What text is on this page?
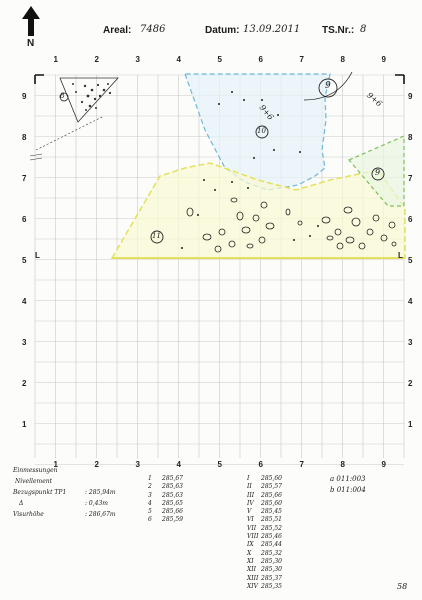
N
Areal: 7486	Datum: 13.09.2011 TS.Nr.: 8
9
10
9
11
8	9+6
9+6
L	L
1	2	3	4	5	6	7	8	9
1	2	3	4	5	6	7	8	9
9
8
7
6
5
4
3
2
1
9
8
7
6
5
4
3
2
1
Einmessungen
Nivellement
Bezugspunkt TP1	: 285,94m
Δ	: 0,43m
Visurhöhe	: 286,67m
1 285,67
2 285,63
3 285,63
4 285,65
5 285,66
6 285,59
I 285,60
II 285,57
III 285,66
IV 285,60
V 285,45
VI 285,51
VII 285,52
VIII 285,46
IX 285,44
X 285,32
XI 285,30
XII 285,30
XIII 285,37
XIV 285,35
a 011:003
b 011:004
58
